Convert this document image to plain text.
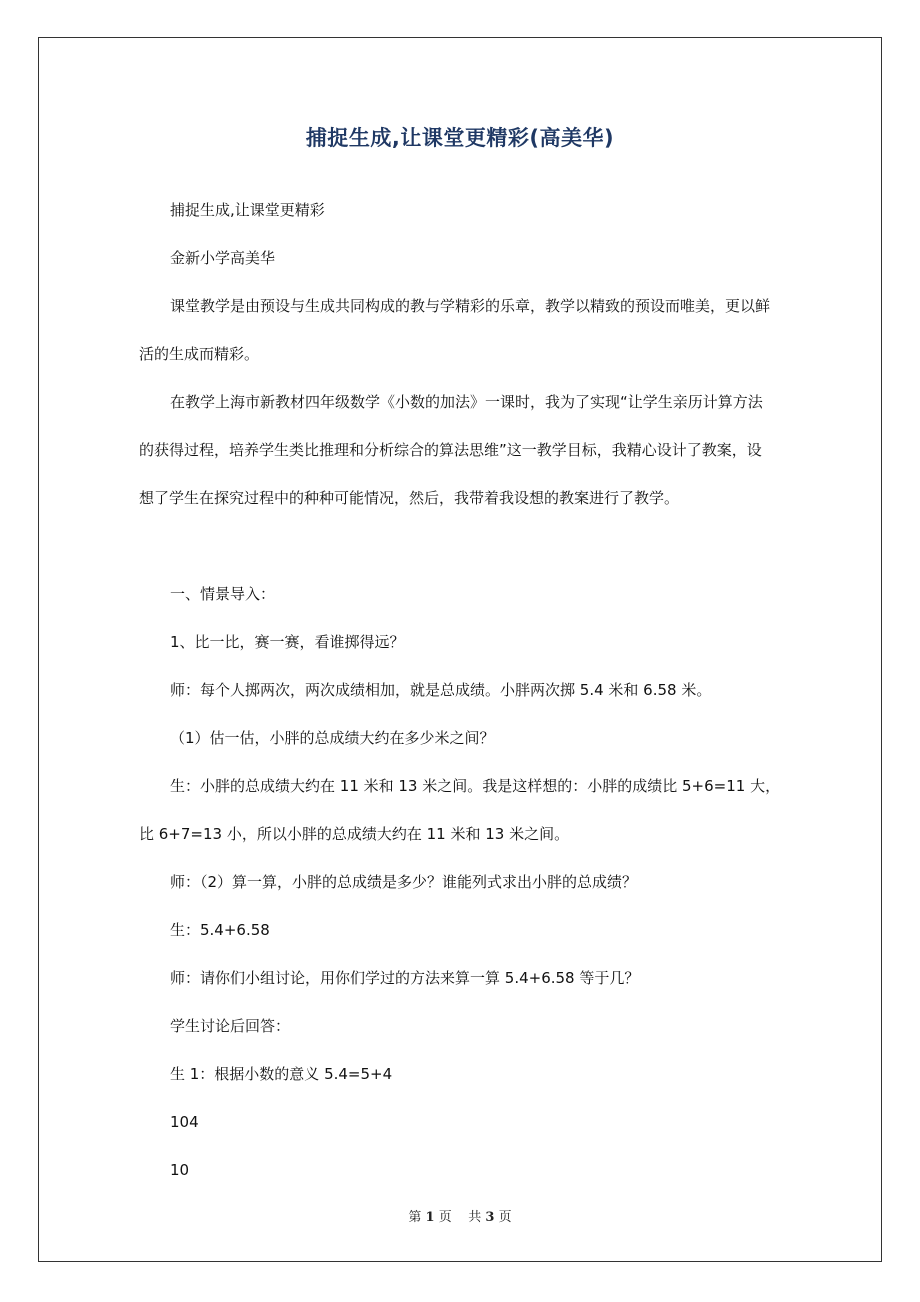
捕捉生成,让课堂更精彩(高美华)
捕捉生成,让课堂更精彩
金新小学高美华
课堂教学是由预设与生成共同构成的教与学精彩的乐章，教学以精致的预设而唯美，更以鲜
活的生成而精彩。
在教学上海市新教材四年级数学《小数的加法》一课时，我为了实现“让学生亲历计算方法
的获得过程，培养学生类比推理和分析综合的算法思维”这一教学目标，我精心设计了教案，设
想了学生在探究过程中的种种可能情况，然后，我带着我设想的教案进行了教学。
一、情景导入：
1、比一比，赛一赛，看谁掷得远？
师：每个人掷两次，两次成绩相加，就是总成绩。小胖两次掷 5.4 米和 6.58 米。
（1）估一估，小胖的总成绩大约在多少米之间？
生：小胖的总成绩大约在 11 米和 13 米之间。我是这样想的：小胖的成绩比 5+6=11 大，
比 6+7=13 小，所以小胖的总成绩大约在 11 米和 13 米之间。
师：（2）算一算，小胖的总成绩是多少？谁能列式求出小胖的总成绩？
生：5.4+6.58
师：请你们小组讨论，用你们学过的方法来算一算 5.4+6.58 等于几？
学生讨论后回答：
生 1：根据小数的意义 5.4=5+4
104
10
第 1 页 共 3 页
